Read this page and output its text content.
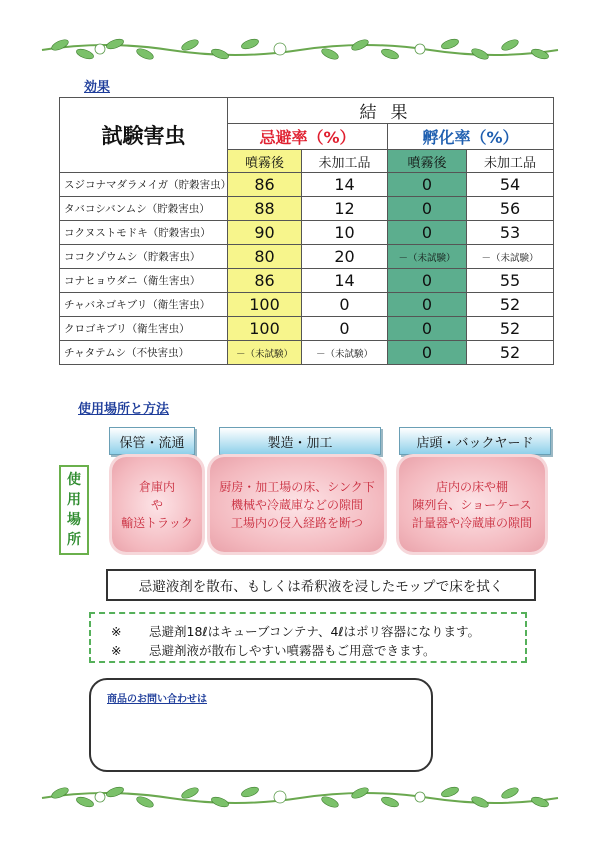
効果
試験害虫	結果			
	忌避率（%）		孵化率（%）	
	噴霧後	未加工品	噴霧後	未加工品
スジコナマダラメイガ（貯穀害虫）	86	14	0	54
タバコシバンムシ（貯穀害虫）	88	12	0	56
コクヌストモドキ（貯穀害虫）	90	10	0	53
ココクゾウムシ（貯穀害虫）	80	20	－（未試験）	－（未試験）
コナヒョウダニ（衛生害虫）	86	14	0	55
チャバネゴキブリ（衛生害虫）	100	0	0	52
クロゴキブリ（衛生害虫）	100	0	0	52
チャタテムシ（不快害虫）	－（未試験）	－（未試験）	0	52
使用場所と方法
保管・流通	製造・加工	店頭・バックヤード
使
用
場
所
倉庫内
や
輸送トラック
厨房・加工場の床、シンク下
機械や冷蔵庫などの隙間
工場内の侵入経路を断つ
店内の床や棚
陳列台、ショーケース
計量器や冷蔵庫の隙間
忌避液剤を散布、もしくは希釈液を浸したモップで床を拭く
※	忌避剤18ℓはキューブコンテナ、4ℓはポリ容器になります。
※	忌避剤液が散布しやすい噴霧器もご用意できます。
商品のお問い合わせは
